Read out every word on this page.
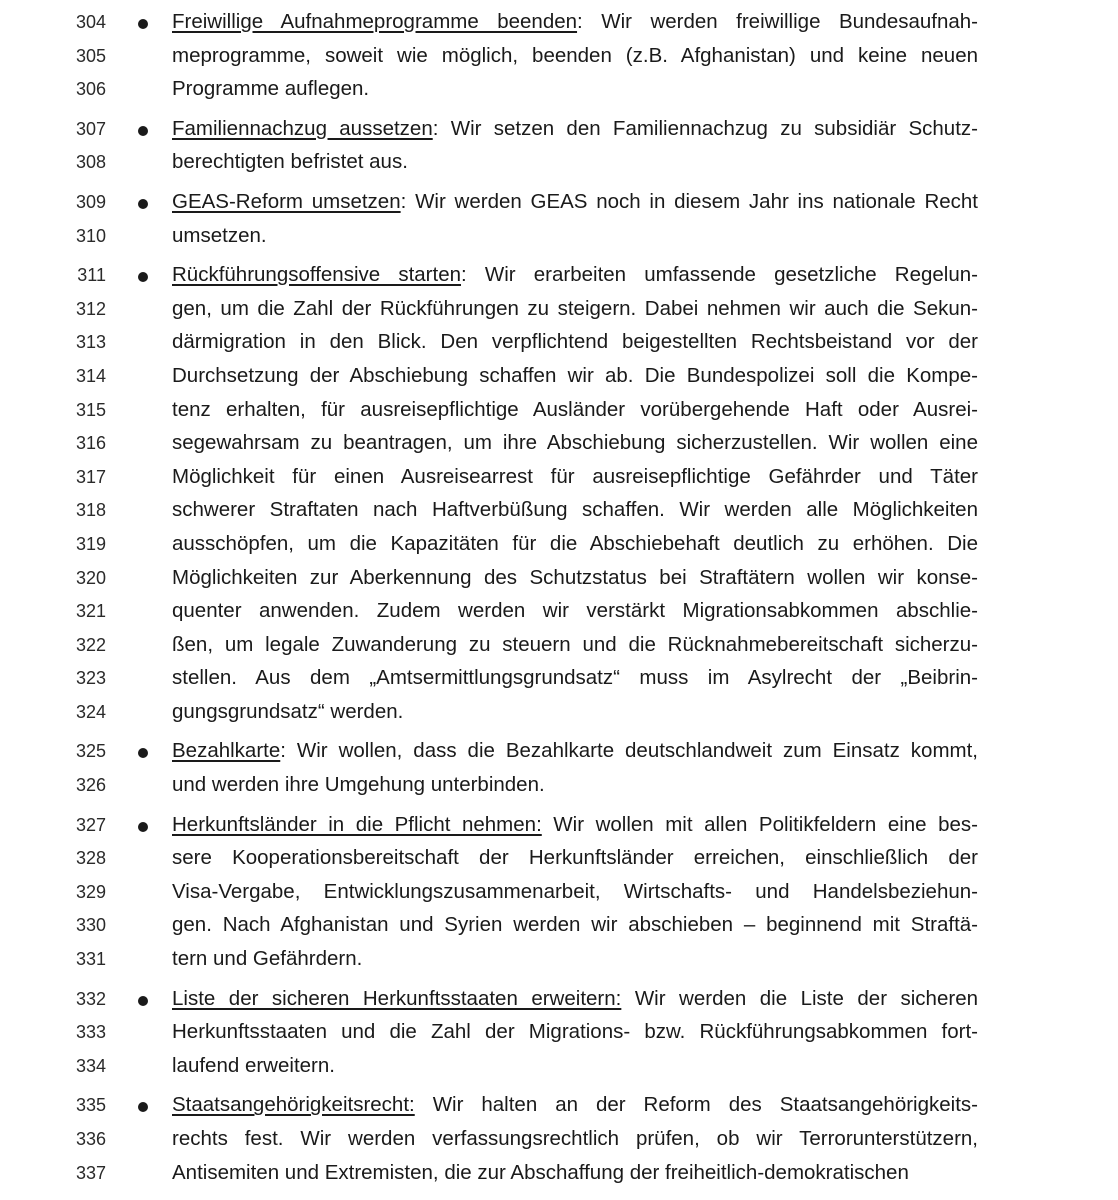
304	Freiwillige Aufnahmeprogramme beenden: Wir werden freiwillige Bundesaufnah-
305	meprogramme, soweit wie möglich, beenden (z.B. Afghanistan) und keine neuen
306	Programme auflegen.
307	Familiennachzug aussetzen: Wir setzen den Familiennachzug zu subsidiär Schutz-
308	berechtigten befristet aus.
309	GEAS-Reform umsetzen: Wir werden GEAS noch in diesem Jahr ins nationale Recht
310	umsetzen.
311	Rückführungsoffensive starten: Wir erarbeiten umfassende gesetzliche Regelun-
312	gen, um die Zahl der Rückführungen zu steigern. Dabei nehmen wir auch die Sekun-
313	därmigration in den Blick. Den verpflichtend beigestellten Rechtsbeistand vor der
314	Durchsetzung der Abschiebung schaffen wir ab. Die Bundespolizei soll die Kompe-
315	tenz erhalten, für ausreisepflichtige Ausländer vorübergehende Haft oder Ausrei-
316	segewahrsam zu beantragen, um ihre Abschiebung sicherzustellen. Wir wollen eine
317	Möglichkeit für einen Ausreisearrest für ausreisepflichtige Gefährder und Täter
318	schwerer Straftaten nach Haftverbüßung schaffen. Wir werden alle Möglichkeiten
319	ausschöpfen, um die Kapazitäten für die Abschiebehaft deutlich zu erhöhen. Die
320	Möglichkeiten zur Aberkennung des Schutzstatus bei Straftätern wollen wir konse-
321	quenter anwenden. Zudem werden wir verstärkt Migrationsabkommen abschlie-
322	ßen, um legale Zuwanderung zu steuern und die Rücknahmebereitschaft sicherzu-
323	stellen. Aus dem „Amtsermittlungsgrundsatz“ muss im Asylrecht der „Beibrin-
324	gungsgrundsatz“ werden.
325	Bezahlkarte: Wir wollen, dass die Bezahlkarte deutschlandweit zum Einsatz kommt,
326	und werden ihre Umgehung unterbinden.
327	Herkunftsländer in die Pflicht nehmen: Wir wollen mit allen Politikfeldern eine bes-
328	sere Kooperationsbereitschaft der Herkunftsländer erreichen, einschließlich der
329	Visa-Vergabe, Entwicklungszusammenarbeit, Wirtschafts- und Handelsbeziehun-
330	gen. Nach Afghanistan und Syrien werden wir abschieben – beginnend mit Straftä-
331	tern und Gefährdern.
332	Liste der sicheren Herkunftsstaaten erweitern: Wir werden die Liste der sicheren
333	Herkunftsstaaten und die Zahl der Migrations- bzw. Rückführungsabkommen fort-
334	laufend erweitern.
335	Staatsangehörigkeitsrecht: Wir halten an der Reform des Staatsangehörigkeits-
336	rechts fest. Wir werden verfassungsrechtlich prüfen, ob wir Terrorunterstützern,
337	Antisemiten und Extremisten, die zur Abschaffung der freiheitlich-demokratischen
